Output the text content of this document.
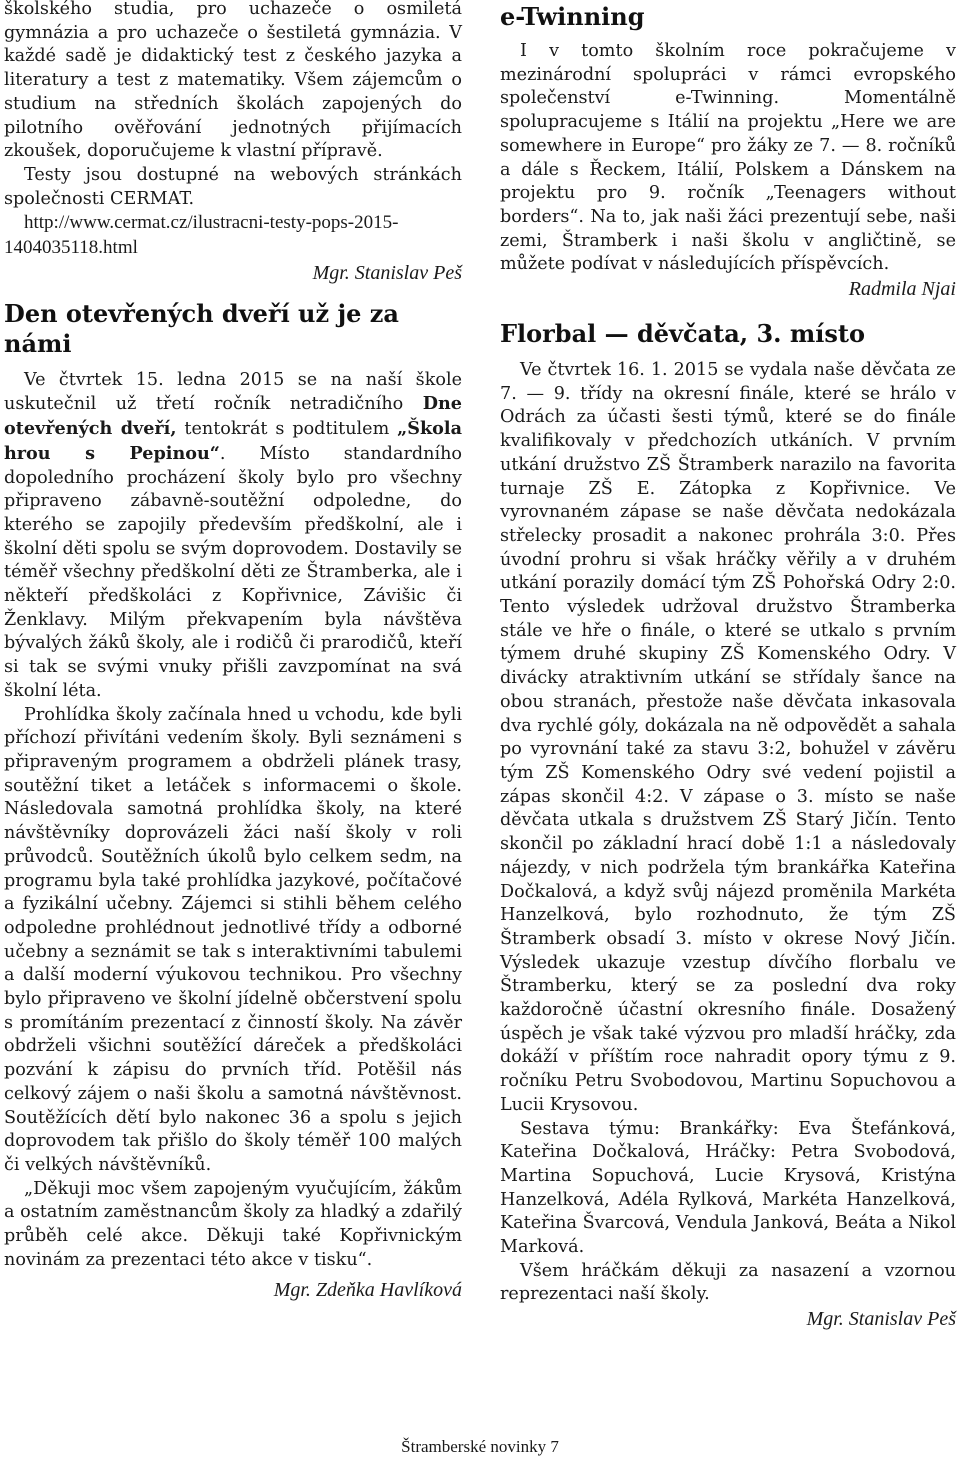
školského studia, pro uchazeče o osmiletá gymnázia a pro uchazeče o šestiletá gymnázia. V každé sadě je didaktický test z českého jazyka a literatury a test z matematiky. Všem zájemcům o studium na středních školách zapojených do pilotního ověřování jednotných přijímacích zkoušek, doporučujeme k vlastní přípravě.

Testy jsou dostupné na webových stránkách společnosti CERMAT.

http://www.cermat.cz/ilustracni-testy-pops-2015-1404035118.html

Mgr. Stanislav Peš

Den otevřených dveří už je za námi

Ve čtvrtek 15. ledna 2015 se na naší škole uskutečnil už třetí ročník netradičního Dne otevřených dveří, tentokrát s podtitulem „Škola hrou s Pepinou“. Místo standardního dopoledního procházení školy bylo pro všechny připraveno zábavně-soutěžní odpoledne, do kterého se zapojily především předškolní, ale i školní děti spolu se svým doprovodem. Dostavily se téměř všechny předškolní děti ze Štramberka, ale i někteří předškoláci z Kopřivnice, Závišic či Ženklavy. Milým překvapením byla návštěva bývalých žáků školy, ale i rodičů či prarodičů, kteří si tak se svými vnuky přišli zavzpomínat na svá školní léta.

Prohlídka školy začínala hned u vchodu, kde byli příchozí přivítáni vedením školy. Byli seznámeni s připraveným programem a obdrželi plánek trasy, soutěžní tiket a letáček s informacemi o škole. Následovala samotná prohlídka školy, na které návštěvníky doprovázeli žáci naší školy v roli průvodců. Soutěžních úkolů bylo celkem sedm, na programu byla také prohlídka jazykové, počítačové a fyzikální učebny. Zájemci si stihli během celého odpoledne prohlédnout jednotlivé třídy a odborné učebny a seznámit se tak s interaktivními tabulemi a další moderní výukovou technikou. Pro všechny bylo připraveno ve školní jídelně občerstvení spolu s promítáním prezentací z činností školy. Na závěr obdrželi všichni soutěžící dáreček a předškoláci pozvání k zápisu do prvních tříd. Potěšil nás celkový zájem o naši školu a samotná návštěvnost. Soutěžících dětí bylo nakonec 36 a spolu s jejich doprovodem tak přišlo do školy téměř 100 malých či velkých návštěvníků.

„Děkuji moc všem zapojeným vyučujícím, žákům a ostatním zaměstnancům školy za hladký a zdařilý průběh celé akce. Děkuji také Kopřivnickým novinám za prezentaci této akce v tisku“.

Mgr. Zdeňka Havlíková

e-Twinning

I v tomto školním roce pokračujeme v mezinárodní spolupráci v rámci evropského společenství e-Twinning. Momentálně spolupracujeme s Itálií na projektu „Here we are somewhere in Europe“ pro žáky ze 7. — 8. ročníků a dále s Řeckem, Itálií, Polskem a Dánskem na projektu pro 9. ročník „Teenagers without borders“. Na to, jak naši žáci prezentují sebe, naši zemi, Štramberk i naši školu v angličtině, se můžete podívat v následujících příspěvcích.

Radmila Njai

Florbal — děvčata, 3. místo

Ve čtvrtek 16. 1. 2015 se vydala naše děvčata ze 7. — 9. třídy na okresní finále, které se hrálo v Odrách za účasti šesti týmů, které se do finále kvalifikovaly v předchozích utkáních. V prvním utkání družstvo ZŠ Štramberk narazilo na favorita turnaje ZŠ E. Zátopka z Kopřivnice. Ve vyrovnaném zápase se naše děvčata nedokázala střelecky prosadit a nakonec prohrála 3:0. Přes úvodní prohru si však hráčky věřily a v druhém utkání porazily domácí tým ZŠ Pohořská Odry 2:0. Tento výsledek udržoval družstvo Štramberka stále ve hře o finále, o které se utkalo s prvním týmem druhé skupiny ZŠ Komenského Odry. V divácky atraktivním utkání se střídaly šance na obou stranách, přestože naše děvčata inkasovala dva rychlé góly, dokázala na ně odpovědět a sahala po vyrovnání také za stavu 3:2, bohužel v závěru tým ZŠ Komenského Odry své vedení pojistil a zápas skončil 4:2. V zápase o 3. místo se naše děvčata utkala s družstvem ZŠ Starý Jičín. Tento skončil po základní hrací době 1:1 a následovaly nájezdy, v nich podržela tým brankářka Kateřina Dočkalová, a když svůj nájezd proměnila Markéta Hanzelková, bylo rozhodnuto, že tým ZŠ Štramberk obsadí 3. místo v okrese Nový Jičín. Výsledek ukazuje vzestup dívčího florbalu ve Štramberku, který se za poslední dva roky každoročně účastní okresního finále. Dosažený úspěch je však také výzvou pro mladší hráčky, zda dokáží v příštím roce nahradit opory týmu z 9. ročníku Petru Svobodovou, Martinu Sopuchovou a Lucii Krysovou.

Sestava týmu: Brankářky: Eva Štefánková, Kateřina Dočkalová, Hráčky: Petra Svobodová, Martina Sopuchová, Lucie Krysová, Kristýna Hanzelková, Adéla Rylková, Markéta Hanzelková, Kateřina Švarcová, Vendula Janková, Beáta a Nikol Marková.

Všem hráčkám děkuji za nasazení a vzornou reprezentaci naší školy.

Mgr. Stanislav Peš

Štramberské novinky 7
